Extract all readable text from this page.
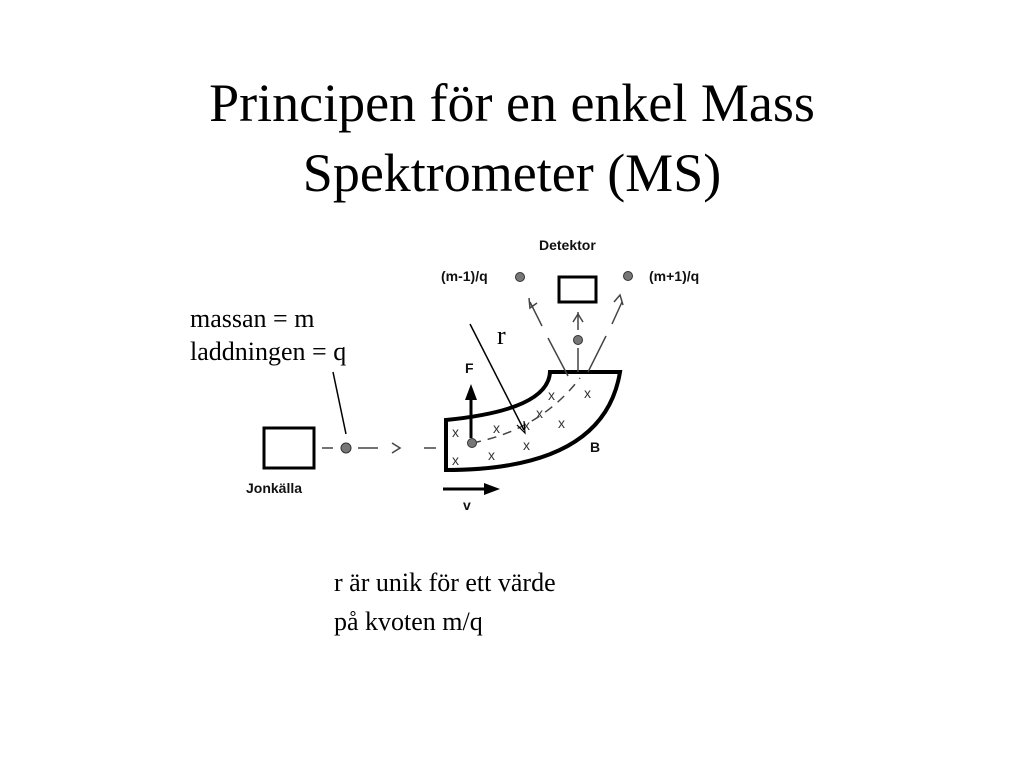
Principen för en enkel Mass
Spektrometer (MS)
x
x x
x x
x
x
x
x
x
Detektor
(m-1)/q	(m+1)/q
Jonkälla
F
B
v
massan = m
laddningen = q
r
r är unik för ett värde
på kvoten m/q
